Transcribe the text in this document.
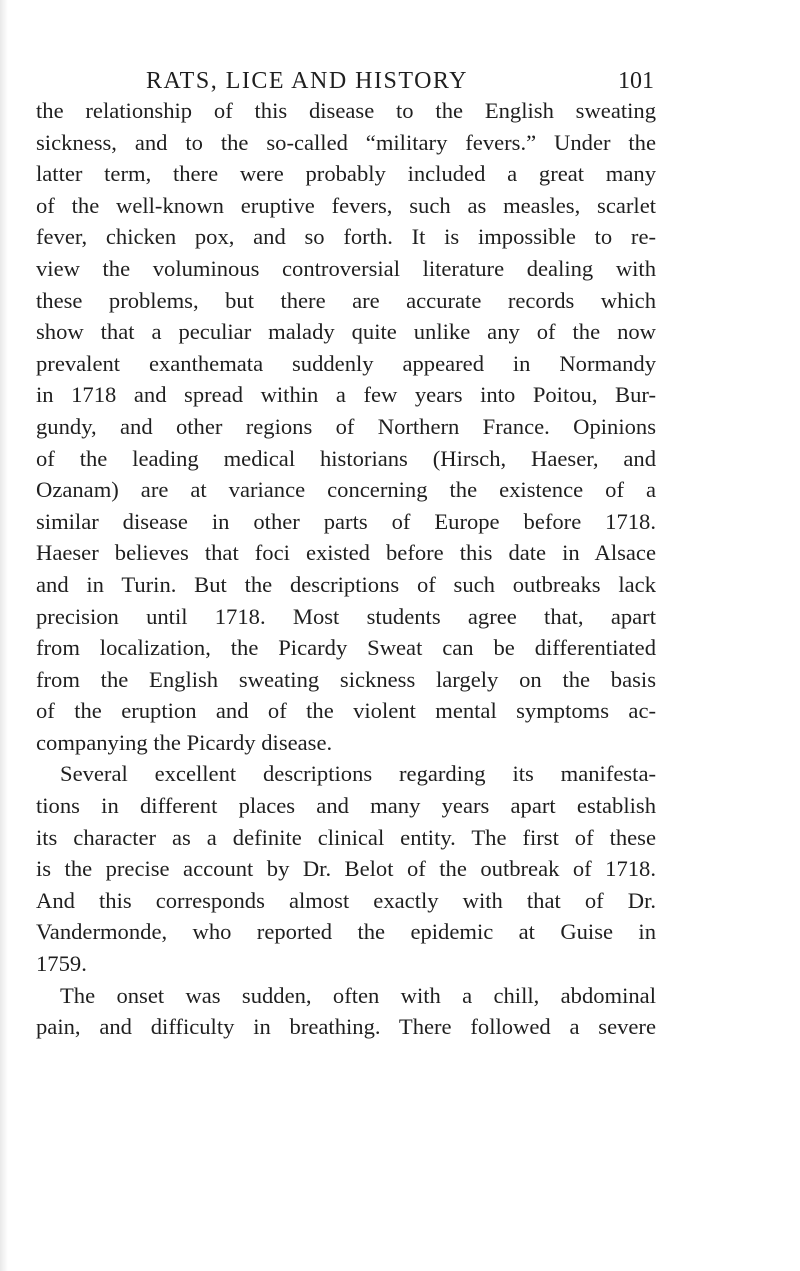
RATS, LICE AND HISTORY	101
the relationship of this disease to the English sweating
sickness, and to the so-called “military fevers.” Under the
latter term, there were probably included a great many
of the well-known eruptive fevers, such as measles, scarlet
fever, chicken pox, and so forth. It is impossible to re-
view the voluminous controversial literature dealing with
these problems, but there are accurate records which
show that a peculiar malady quite unlike any of the now
prevalent exanthemata suddenly appeared in Normandy
in 1718 and spread within a few years into Poitou, Bur-
gundy, and other regions of Northern France. Opinions
of the leading medical historians (Hirsch, Haeser, and
Ozanam) are at variance concerning the existence of a
similar disease in other parts of Europe before 1718.
Haeser believes that foci existed before this date in Alsace
and in Turin. But the descriptions of such outbreaks lack
precision until 1718. Most students agree that, apart
from localization, the Picardy Sweat can be differentiated
from the English sweating sickness largely on the basis
of the eruption and of the violent mental symptoms ac-
companying the Picardy disease.
Several excellent descriptions regarding its manifesta-
tions in different places and many years apart establish
its character as a definite clinical entity. The first of these
is the precise account by Dr. Belot of the outbreak of 1718.
And this corresponds almost exactly with that of Dr.
Vandermonde, who reported the epidemic at Guise in
1759.
The onset was sudden, often with a chill, abdominal
pain, and difficulty in breathing. There followed a severe
